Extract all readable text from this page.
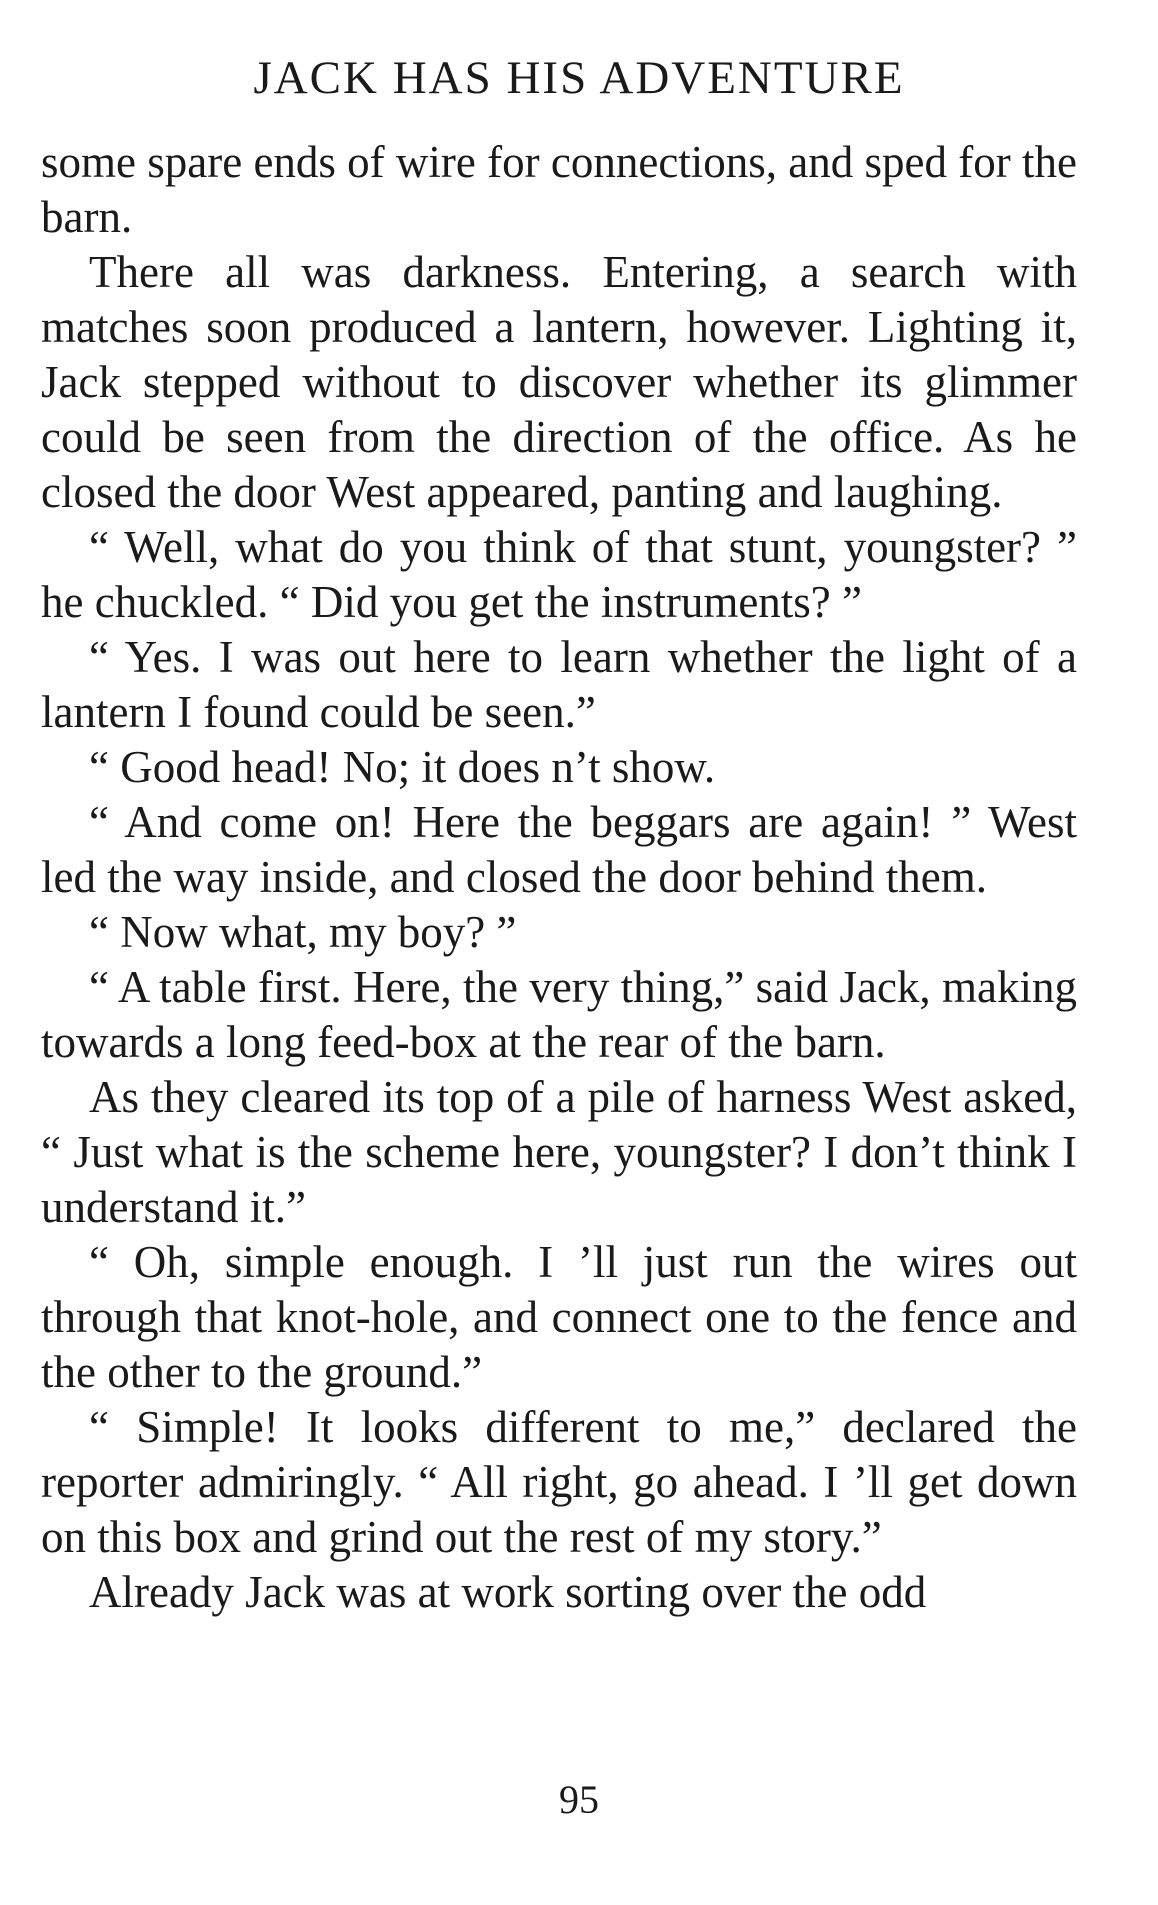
JACK HAS HIS ADVENTURE

some spare ends of wire for connections, and sped for the barn.

There all was darkness. Entering, a search with matches soon produced a lantern, however. Lighting it, Jack stepped without to discover whether its glimmer could be seen from the direction of the office. As he closed the door West appeared, panting and laughing.

“ Well, what do you think of that stunt, youngster? ” he chuckled. “ Did you get the instruments? ”

“ Yes. I was out here to learn whether the light of a lantern I found could be seen.”

“ Good head! No; it does n’t show.

“ And come on! Here the beggars are again! ” West led the way inside, and closed the door behind them.

“ Now what, my boy? ”

“ A table first. Here, the very thing,” said Jack, making towards a long feed-box at the rear of the barn.

As they cleared its top of a pile of harness West asked, “ Just what is the scheme here, youngster? I don’t think I understand it.”

“ Oh, simple enough. I ’ll just run the wires out through that knot-hole, and connect one to the fence and the other to the ground.”

“ Simple! It looks different to me,” declared the reporter admiringly. “ All right, go ahead. I ’ll get down on this box and grind out the rest of my story.”

Already Jack was at work sorting over the odd

95
